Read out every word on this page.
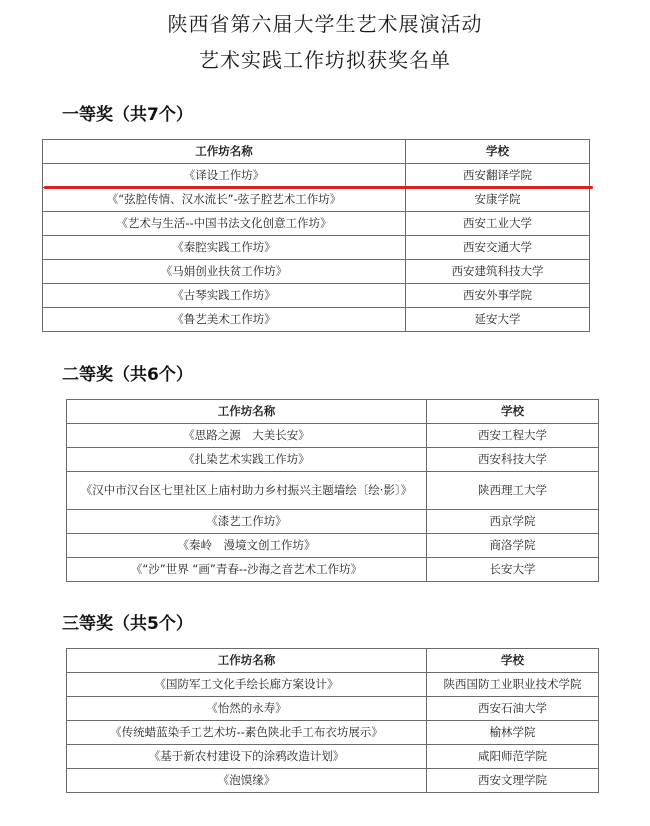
陕西省第六届大学生艺术展演活动
艺术实践工作坊拟获奖名单
一等奖（共7个）
工作坊名称	学校
《译设工作坊》	西安翻译学院
《“弦腔传情、汉水流长”-弦子腔艺术工作坊》	安康学院
《艺术与生活--中国书法文化创意工作坊》	西安工业大学
《秦腔实践工作坊》	西安交通大学
《马娟创业扶贫工作坊》	西安建筑科技大学
《古琴实践工作坊》	西安外事学院
《鲁艺美术工作坊》	延安大学
二等奖（共6个）
工作坊名称	学校
《思路之源　大美长安》	西安工程大学
《扎染艺术实践工作坊》	西安科技大学
《汉中市汉台区七里社区上庙村助力乡村振兴主题墙绘〔绘·影〕》	陕西理工大学
《漆艺工作坊》	西京学院
《秦岭　漫境文创工作坊》	商洛学院
《“沙”世界 “画”青春--沙海之音艺术工作坊》	长安大学
三等奖（共5个）
工作坊名称	学校
《国防军工文化手绘长廊方案设计》	陕西国防工业职业技术学院
《怡然的永寿》	西安石油大学
《传统蜡蓝染手工艺术坊--素色陕北手工布衣坊展示》	榆林学院
《基于新农村建设下的涂鸦改造计划》	咸阳师范学院
《泡馍缘》	西安文理学院
